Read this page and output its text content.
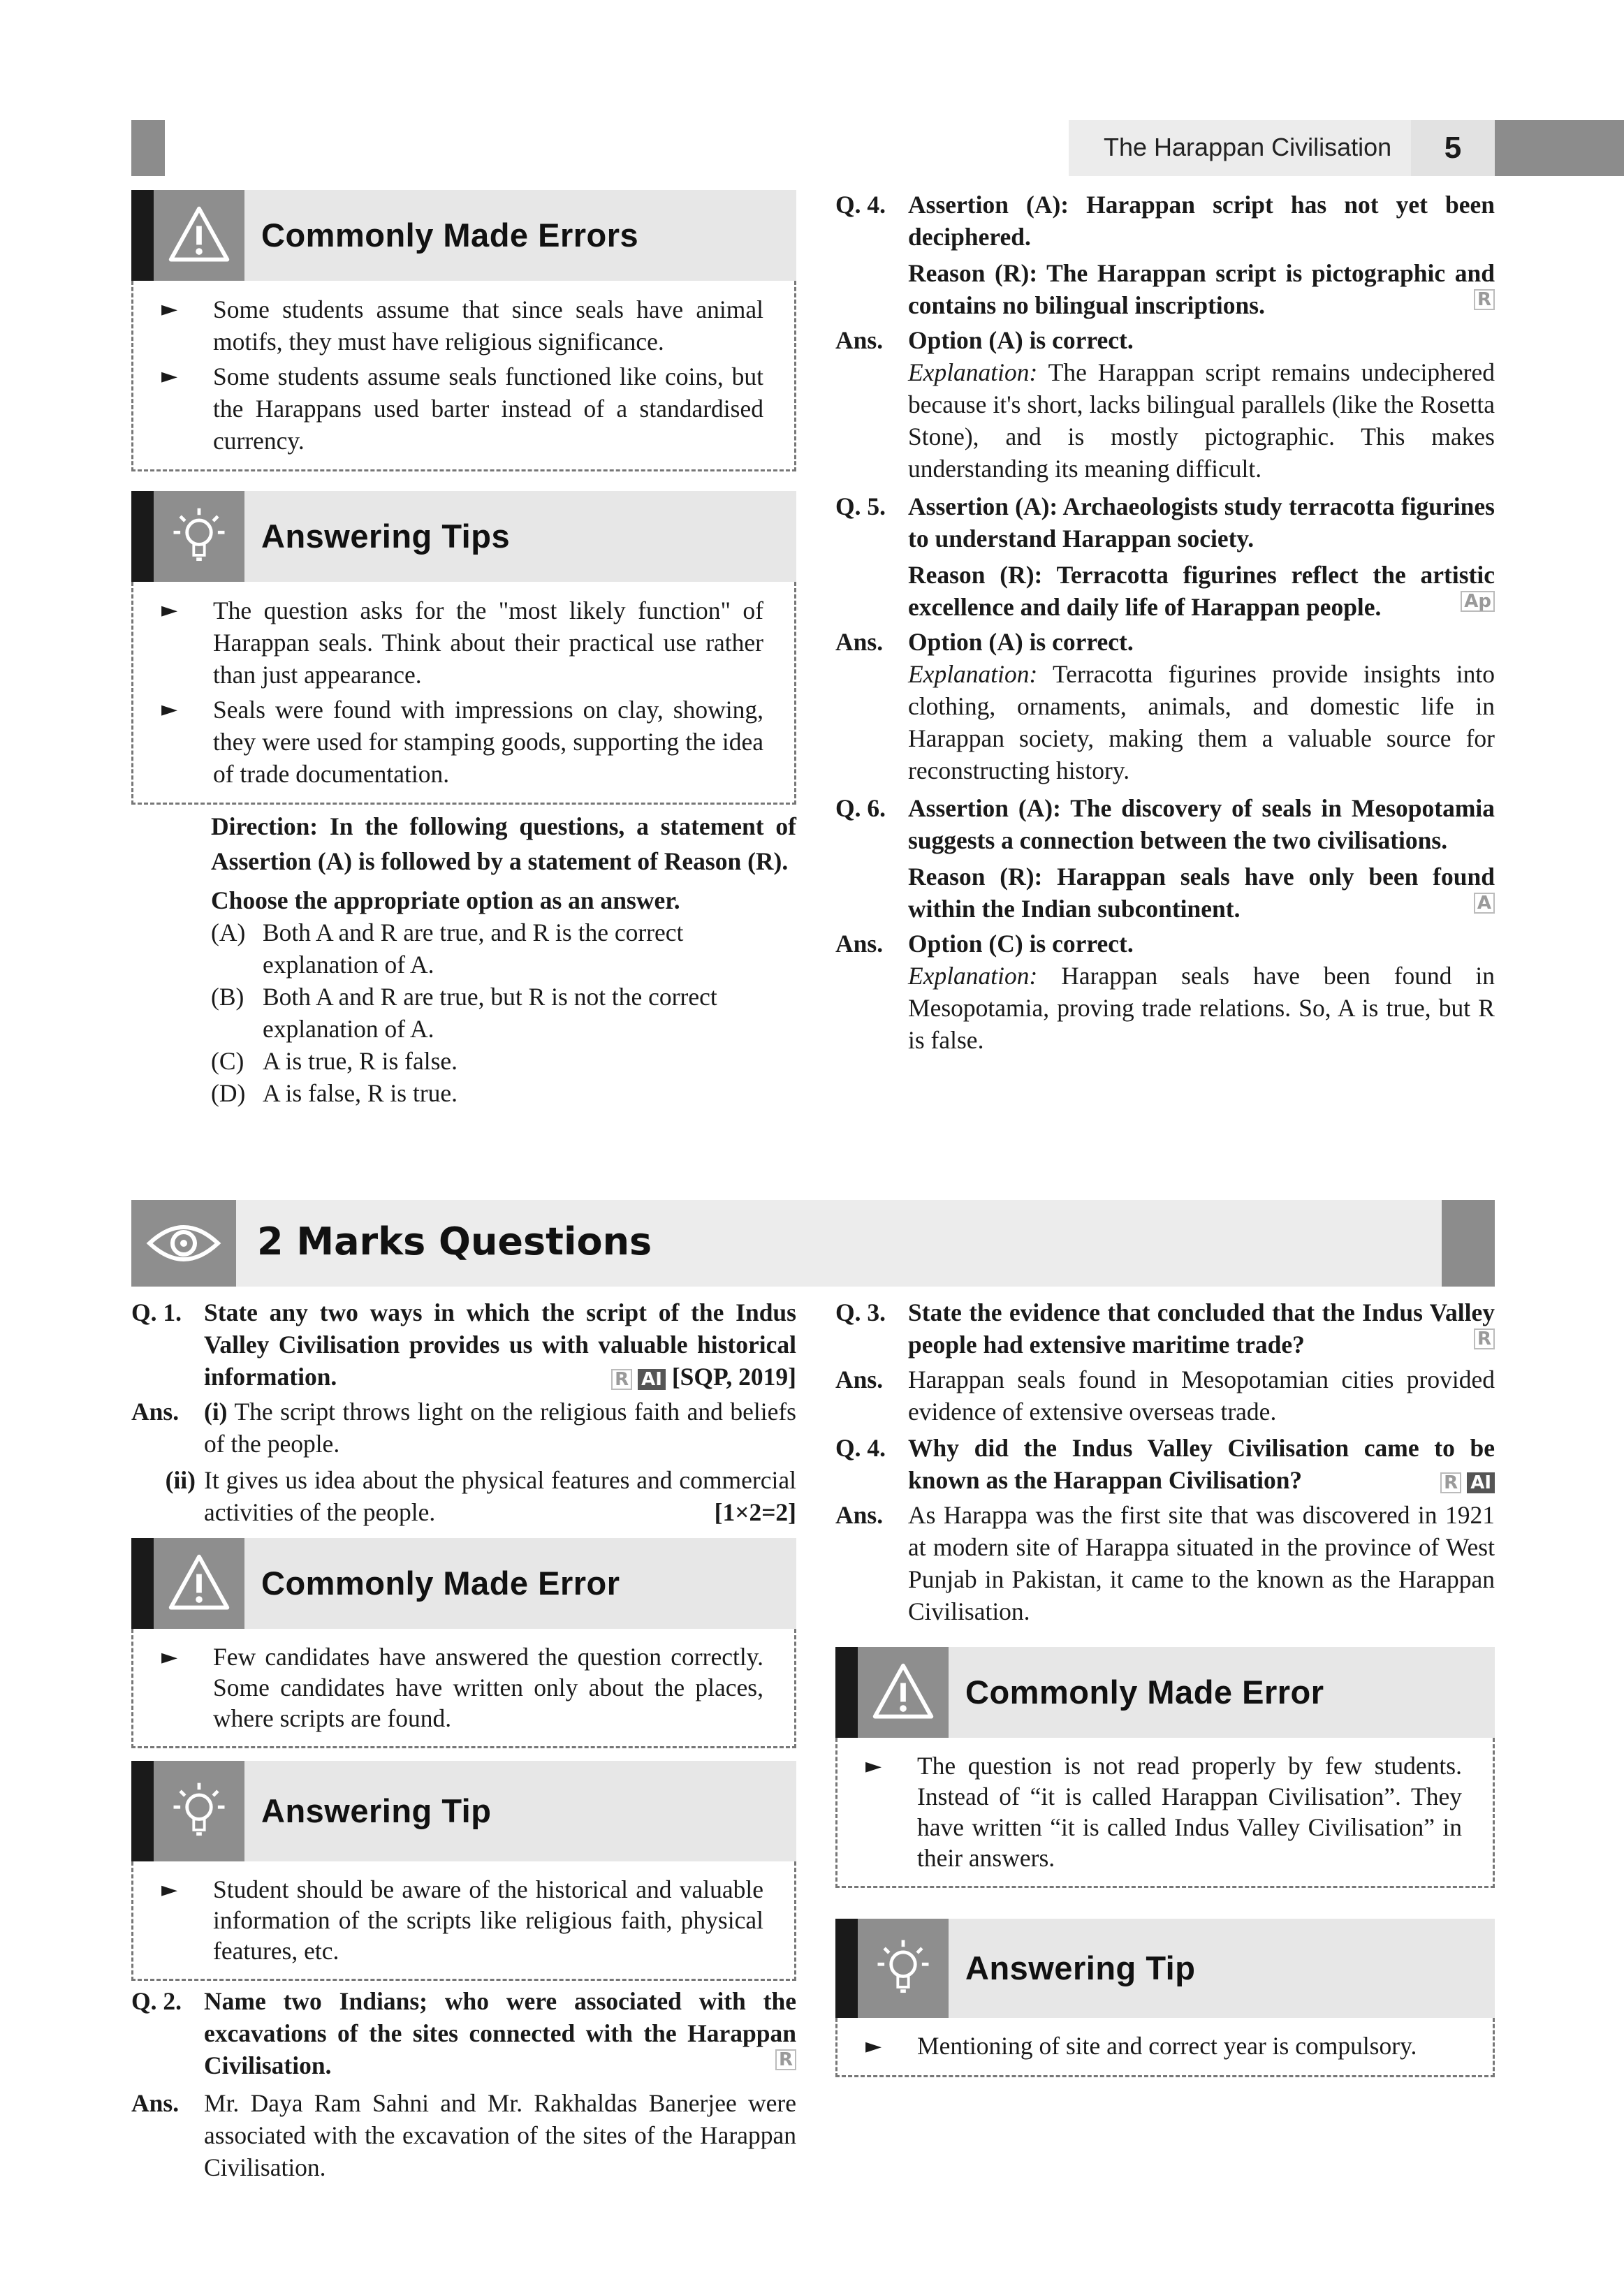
The Harappan Civilisation	5
Commonly Made Errors
►	Some students assume that since seals have animal motifs, they must have religious significance.
►	Some students assume seals functioned like coins, but the Harappans used barter instead of a standardised currency.
Answering Tips
►	The question asks for the "most likely function" of Harappan seals. Think about their practical use rather than just appearance.
►	Seals were found with impressions on clay, showing, they were used for stamping goods, supporting the idea of trade documentation.
Direction: In the following questions, a statement of Assertion (A) is followed by a statement of Reason (R).
Choose the appropriate option as an answer.
(A) Both A and R are true, and R is the correct explanation of A.
(B) Both A and R are true, but R is not the correct explanation of A.
(C) A is true, R is false.
(D) A is false, R is true.
Q. 4. Assertion (A): Harappan script has not yet been deciphered.
Reason (R): The Harappan script is pictographic and contains no bilingual inscriptions.	R
Ans.	Option (A) is correct.
Explanation: The Harappan script remains undeciphered because it's short, lacks bilingual parallels (like the Rosetta Stone), and is mostly pictographic. This makes understanding its meaning difficult.
Q. 5. Assertion (A): Archaeologists study terracotta figurines to understand Harappan society.
Reason (R): Terracotta figurines reflect the artistic excellence and daily life of Harappan people.	Ap
Ans.	Option (A) is correct.
Explanation: Terracotta figurines provide insights into clothing, ornaments, animals, and domestic life in Harappan society, making them a valuable source for reconstructing history.
Q. 6. Assertion (A): The discovery of seals in Mesopotamia suggests a connection between the two civilisations.
Reason (R): Harappan seals have only been found within the Indian subcontinent.	A
Ans.	Option (C) is correct.
Explanation: Harappan seals have been found in Mesopotamia, proving trade relations. So, A is true, but R is false.
2 Marks Questions
Q. 1. State any two ways in which the script of the Indus Valley Civilisation provides us with valuable historical information.	R AI [SQP, 2019]
Ans.	(i) The script throws light on the religious faith and beliefs of the people.
(ii) It gives us idea about the physical features and commercial activities of the people.	[1×2=2]
Commonly Made Error
►	Few candidates have answered the question correctly. Some candidates have written only about the places, where scripts are found.
Answering Tip
►	Student should be aware of the historical and valuable information of the scripts like religious faith, physical features, etc.
Q. 2. Name two Indians; who were associated with the excavations of the sites connected with the Harappan Civilisation.	R
Ans.	Mr. Daya Ram Sahni and Mr. Rakhaldas Banerjee were associated with the excavation of the sites of the Harappan Civilisation.
Q. 3. State the evidence that concluded that the Indus Valley people had extensive maritime trade?	R
Ans.	Harappan seals found in Mesopotamian cities provided evidence of extensive overseas trade.
Q. 4. Why did the Indus Valley Civilisation came to be known as the Harappan Civilisation?	R AI
Ans.	As Harappa was the first site that was discovered in 1921 at modern site of Harappa situated in the province of West Punjab in Pakistan, it came to the known as the Harappan Civilisation.
Commonly Made Error
►	The question is not read properly by few students. Instead of “it is called Harappan Civilisation”. They have written “it is called Indus Valley Civilisation” in their answers.
Answering Tip
►	Mentioning of site and correct year is compulsory.
